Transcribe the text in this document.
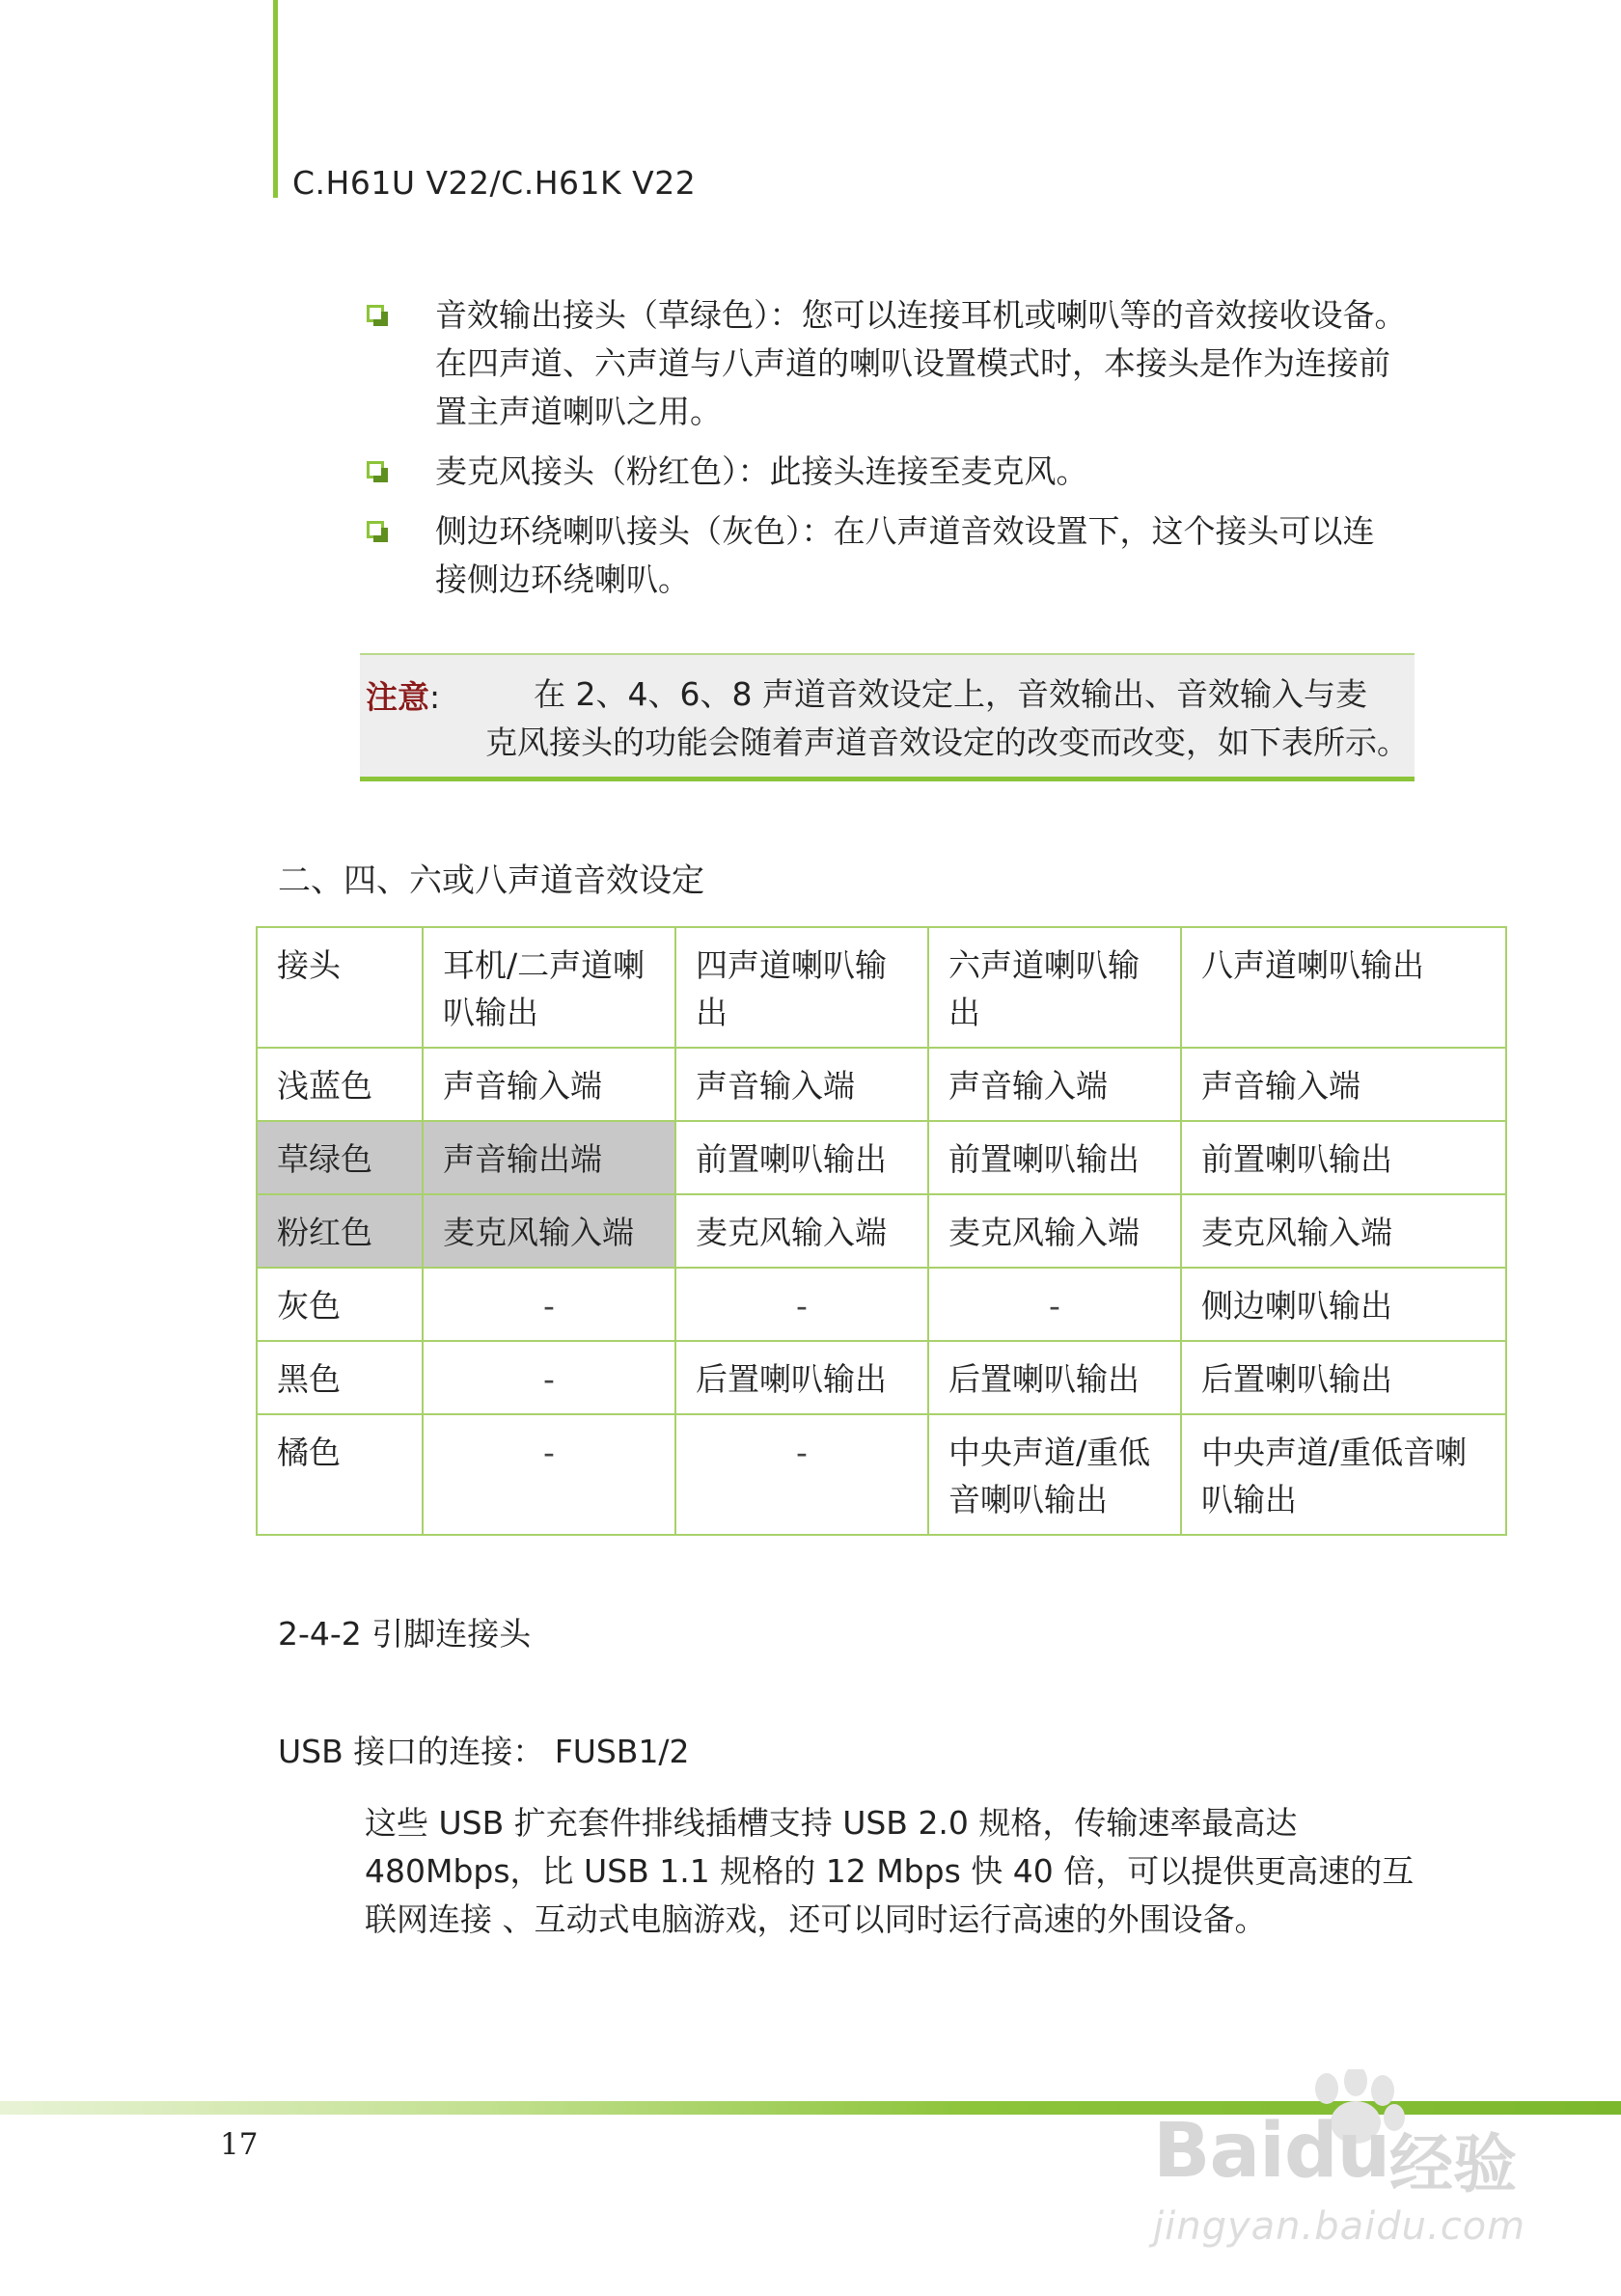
C.H61U V22/C.H61K V22
音效输出接头（草绿色）：您可以连接耳机或喇叭等的音效接收设备。
在四声道、六声道与八声道的喇叭设置模式时，本接头是作为连接前
置主声道喇叭之用。
麦克风接头（粉红色）：此接头连接至麦克风。
侧边环绕喇叭接头（灰色）：在八声道音效设置下，这个接头可以连
接侧边环绕喇叭。
注意:	在 2、4、6、8 声道音效设定上，音效输出、音效输入与麦
克风接头的功能会随着声道音效设定的改变而改变，如下表所示。
二、四、六或八声道音效设定
接头	耳机/二声道喇叭输出	四声道喇叭输出	六声道喇叭输出	八声道喇叭输出
浅蓝色	声音输入端	声音输入端	声音输入端	声音输入端
草绿色	声音输出端	前置喇叭输出	前置喇叭输出	前置喇叭输出
粉红色	麦克风输入端	麦克风输入端	麦克风输入端	麦克风输入端
灰色	-	-	-	侧边喇叭输出
黑色	-	后置喇叭输出	后置喇叭输出	后置喇叭输出
橘色	-	-	中央声道/重低音喇叭输出	中央声道/重低音喇叭输出
2-4-2 引脚连接头
USB 接口的连接： FUSB1/2
这些 USB 扩充套件排线插槽支持 USB 2.0 规格，传输速率最高达
480Mbps，比 USB 1.1 规格的 12 Mbps 快 40 倍，可以提供更高速的互
联网连接 、互动式电脑游戏，还可以同时运行高速的外围设备。
17	Baidu 经验
jingyan.baidu.com
